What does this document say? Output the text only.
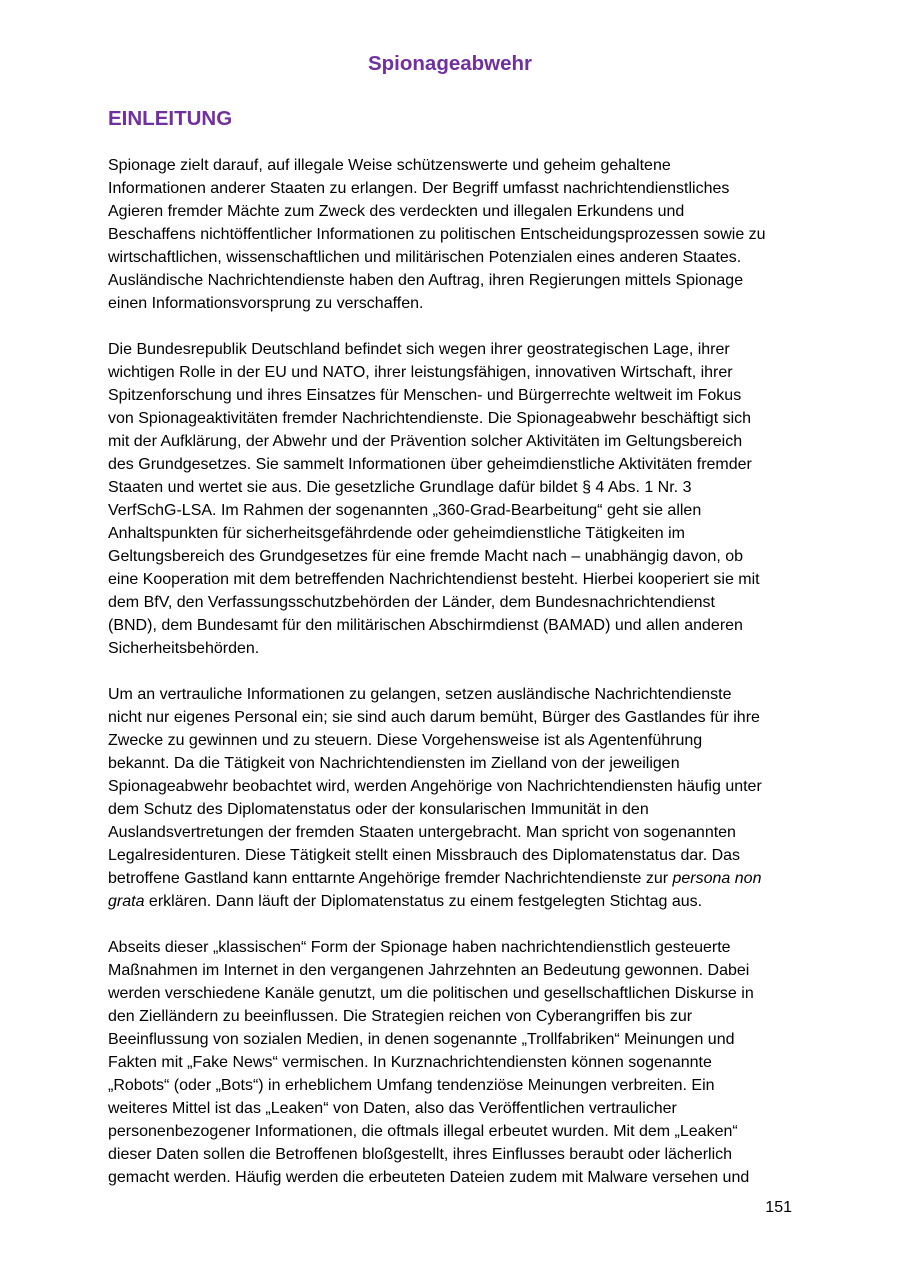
Spionageabwehr
EINLEITUNG

Spionage zielt darauf, auf illegale Weise schützenswerte und geheim gehaltene
Informationen anderer Staaten zu erlangen. Der Begriff umfasst nachrichtendienstliches
Agieren fremder Mächte zum Zweck des verdeckten und illegalen Erkundens und
Beschaffens nichtöffentlicher Informationen zu politischen Entscheidungsprozessen sowie zu
wirtschaftlichen, wissenschaftlichen und militärischen Potenzialen eines anderen Staates.
Ausländische Nachrichtendienste haben den Auftrag, ihren Regierungen mittels Spionage
einen Informationsvorsprung zu verschaffen.

Die Bundesrepublik Deutschland befindet sich wegen ihrer geostrategischen Lage, ihrer
wichtigen Rolle in der EU und NATO, ihrer leistungsfähigen, innovativen Wirtschaft, ihrer
Spitzenforschung und ihres Einsatzes für Menschen- und Bürgerrechte weltweit im Fokus
von Spionageaktivitäten fremder Nachrichtendienste. Die Spionageabwehr beschäftigt sich
mit der Aufklärung, der Abwehr und der Prävention solcher Aktivitäten im Geltungsbereich
des Grundgesetzes. Sie sammelt Informationen über geheimdienstliche Aktivitäten fremder
Staaten und wertet sie aus. Die gesetzliche Grundlage dafür bildet § 4 Abs. 1 Nr. 3
VerfSchG-LSA. Im Rahmen der sogenannten „360-Grad-Bearbeitung“ geht sie allen
Anhaltspunkten für sicherheitsgefährdende oder geheimdienstliche Tätigkeiten im
Geltungsbereich des Grundgesetzes für eine fremde Macht nach – unabhängig davon, ob
eine Kooperation mit dem betreffenden Nachrichtendienst besteht. Hierbei kooperiert sie mit
dem BfV, den Verfassungsschutzbehörden der Länder, dem Bundesnachrichtendienst
(BND), dem Bundesamt für den militärischen Abschirmdienst (BAMAD) und allen anderen
Sicherheitsbehörden.

Um an vertrauliche Informationen zu gelangen, setzen ausländische Nachrichtendienste
nicht nur eigenes Personal ein; sie sind auch darum bemüht, Bürger des Gastlandes für ihre
Zwecke zu gewinnen und zu steuern. Diese Vorgehensweise ist als Agentenführung
bekannt. Da die Tätigkeit von Nachrichtendiensten im Zielland von der jeweiligen
Spionageabwehr beobachtet wird, werden Angehörige von Nachrichtendiensten häufig unter
dem Schutz des Diplomatenstatus oder der konsularischen Immunität in den
Auslandsvertretungen der fremden Staaten untergebracht. Man spricht von sogenannten
Legalresidenturen. Diese Tätigkeit stellt einen Missbrauch des Diplomatenstatus dar. Das
betroffene Gastland kann enttarnte Angehörige fremder Nachrichtendienste zur persona non
grata erklären. Dann läuft der Diplomatenstatus zu einem festgelegten Stichtag aus.

Abseits dieser „klassischen“ Form der Spionage haben nachrichtendienstlich gesteuerte
Maßnahmen im Internet in den vergangenen Jahrzehnten an Bedeutung gewonnen. Dabei
werden verschiedene Kanäle genutzt, um die politischen und gesellschaftlichen Diskurse in
den Zielländern zu beeinflussen. Die Strategien reichen von Cyberangriffen bis zur
Beeinflussung von sozialen Medien, in denen sogenannte „Trollfabriken“ Meinungen und
Fakten mit „Fake News“ vermischen. In Kurznachrichtendiensten können sogenannte
„Robots“ (oder „Bots“) in erheblichem Umfang tendenziöse Meinungen verbreiten. Ein
weiteres Mittel ist das „Leaken“ von Daten, also das Veröffentlichen vertraulicher
personenbezogener Informationen, die oftmals illegal erbeutet wurden. Mit dem „Leaken“
dieser Daten sollen die Betroffenen bloßgestellt, ihres Einflusses beraubt oder lächerlich
gemacht werden. Häufig werden die erbeuteten Dateien zudem mit Malware versehen und

151
